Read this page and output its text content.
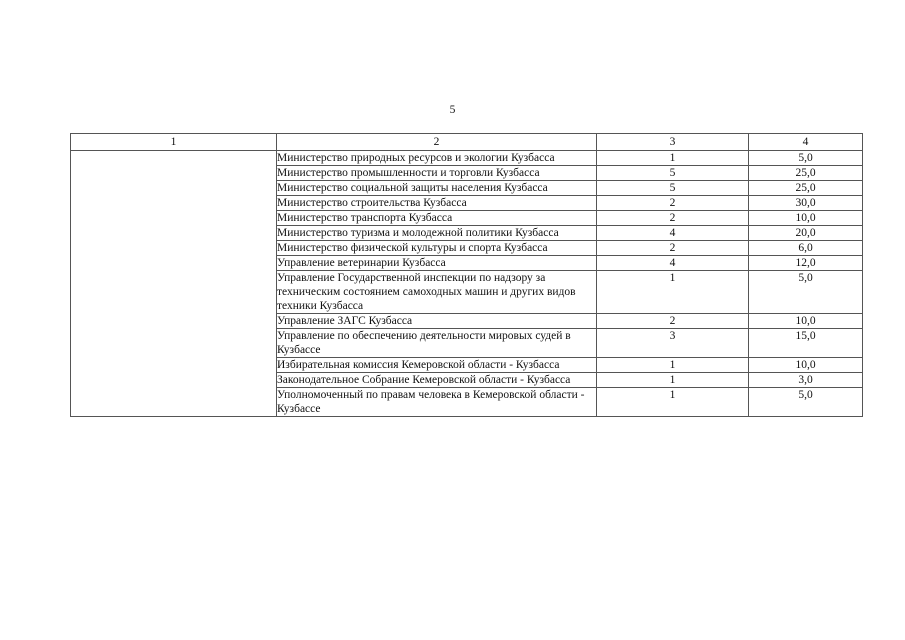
5
1	2	3	4
	Министерство природных ресурсов и экологии Кузбасса	1	5,0
	Министерство промышленности и торговли Кузбасса	5	25,0
	Министерство социальной защиты населения Кузбасса	5	25,0
	Министерство строительства Кузбасса	2	30,0
	Министерство транспорта Кузбасса	2	10,0
	Министерство туризма и молодежной политики Кузбасса	4	20,0
	Министерство физической культуры и спорта Кузбасса	2	6,0
	Управление ветеринарии Кузбасса	4	12,0
	Управление Государственной инспекции по надзору за техническим состоянием самоходных машин и других видов техники Кузбасса	1	5,0
	Управление ЗАГС Кузбасса	2	10,0
	Управление по обеспечению деятельности мировых судей в Кузбассе	3	15,0
	Избирательная комиссия Кемеровской области - Кузбасса	1	10,0
	Законодательное Собрание Кемеровской области - Кузбасса	1	3,0
	Уполномоченный по правам человека в Кемеровской области - Кузбассе	1	5,0
